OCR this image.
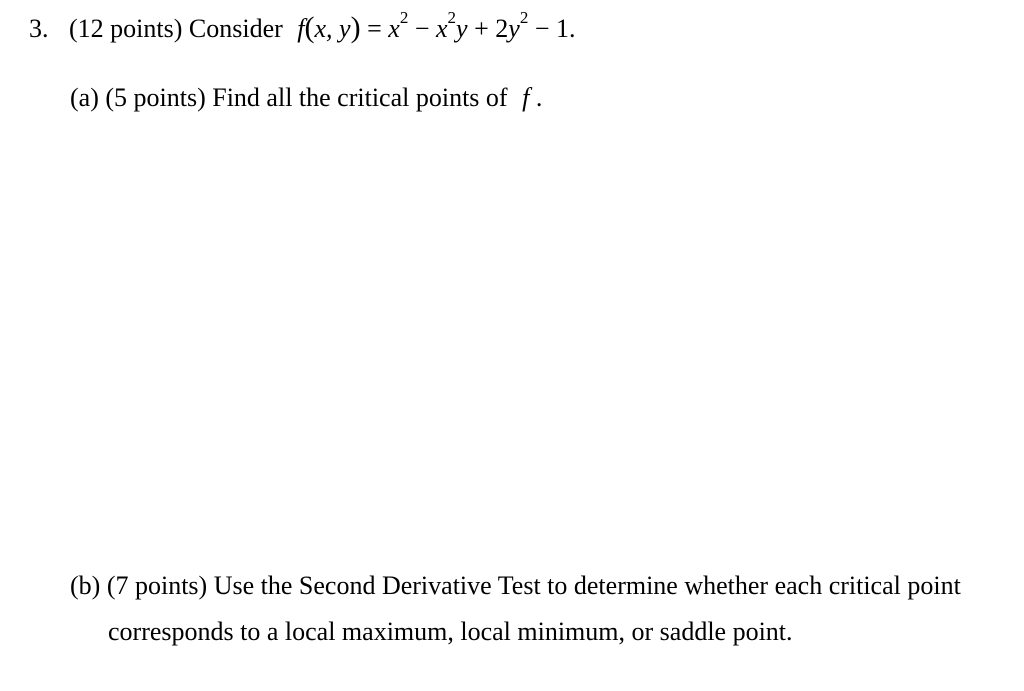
3. (12 points) Consider f(x, $y) = x^2 - x^2y + 2y^2 - 1$.
(a) (5 points) Find all the critical points of f .
(b) (7 points) Use the Second Derivative Test to determine whether each critical point
corresponds to a local maximum, local minimum, or saddle point.
